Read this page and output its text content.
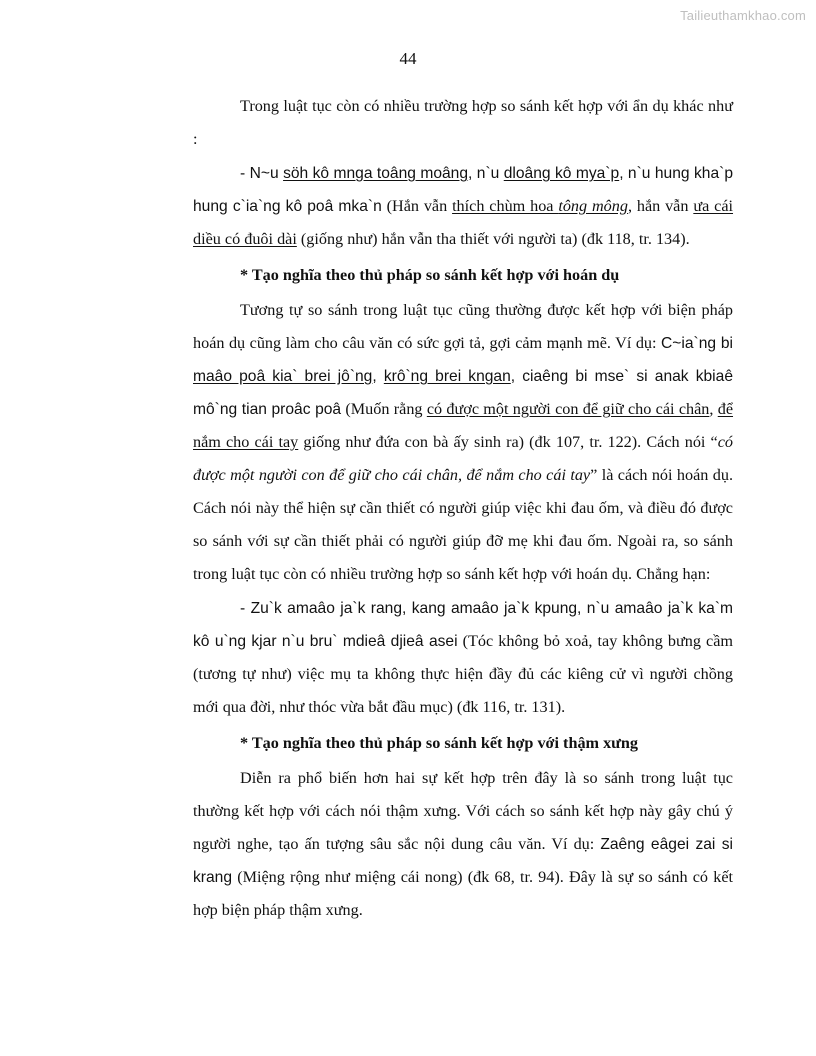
Tailieuthamkhao.com
44

Trong luật tục còn có nhiều trường hợp so sánh kết hợp với ẩn dụ khác như :

- N~u söh kô mnga toâng moâng, n`u dloâng kô mya`p, n`u hung kha`p hung c`ia`ng kô poâ mka`n (Hắn vẫn thích chùm hoa tông mông, hắn vẫn ưa cái diều có đuôi dài (giống như) hắn vẫn tha thiết với người ta) (đk 118, tr. 134).

* Tạo nghĩa theo thủ pháp so sánh kết hợp với hoán dụ

Tương tự so sánh trong luật tục cũng thường được kết hợp với biện pháp hoán dụ cũng làm cho câu văn có sức gợi tả, gợi cảm mạnh mẽ. Ví dụ: C~ia`ng bi maâo poâ kia` brei jô`ng, krô`ng brei kngan, ciaêng bi mse` si anak kbiaê mô`ng tian proâc poâ (Muốn rằng có được một người con để giữ cho cái chân, để nắm cho cái tay giống như đứa con bà ấy sinh ra) (đk 107, tr. 122). Cách nói “có được một người con để giữ cho cái chân, để nắm cho cái tay” là cách nói hoán dụ. Cách nói này thể hiện sự cần thiết có người giúp việc khi đau ốm, và điều đó được so sánh với sự cần thiết phải có người giúp đỡ mẹ khi đau ốm. Ngoài ra, so sánh trong luật tục còn có nhiều trường hợp so sánh kết hợp với hoán dụ. Chẳng hạn:

- Zu`k amaâo ja`k rang, kang amaâo ja`k kpung, n`u amaâo ja`k ka`m kô u`ng kjar n`u bru` mdieâ djieâ asei (Tóc không bỏ xoả, tay không bưng cầm (tương tự như) việc mụ ta không thực hiện đầy đủ các kiêng cử vì người chồng mới qua đời, như thóc vừa bắt đầu mục) (đk 116, tr. 131).

* Tạo nghĩa theo thủ pháp so sánh kết hợp với thậm xưng

Diễn ra phổ biến hơn hai sự kết hợp trên đây là so sánh trong luật tục thường kết hợp với cách nói thậm xưng. Với cách so sánh kết hợp này gây chú ý người nghe, tạo ấn tượng sâu sắc nội dung câu văn. Ví dụ: Zaêng eâgei zai si krang (Miệng rộng như miệng cái nong) (đk 68, tr. 94). Đây là sự so sánh có kết hợp biện pháp thậm xưng.
